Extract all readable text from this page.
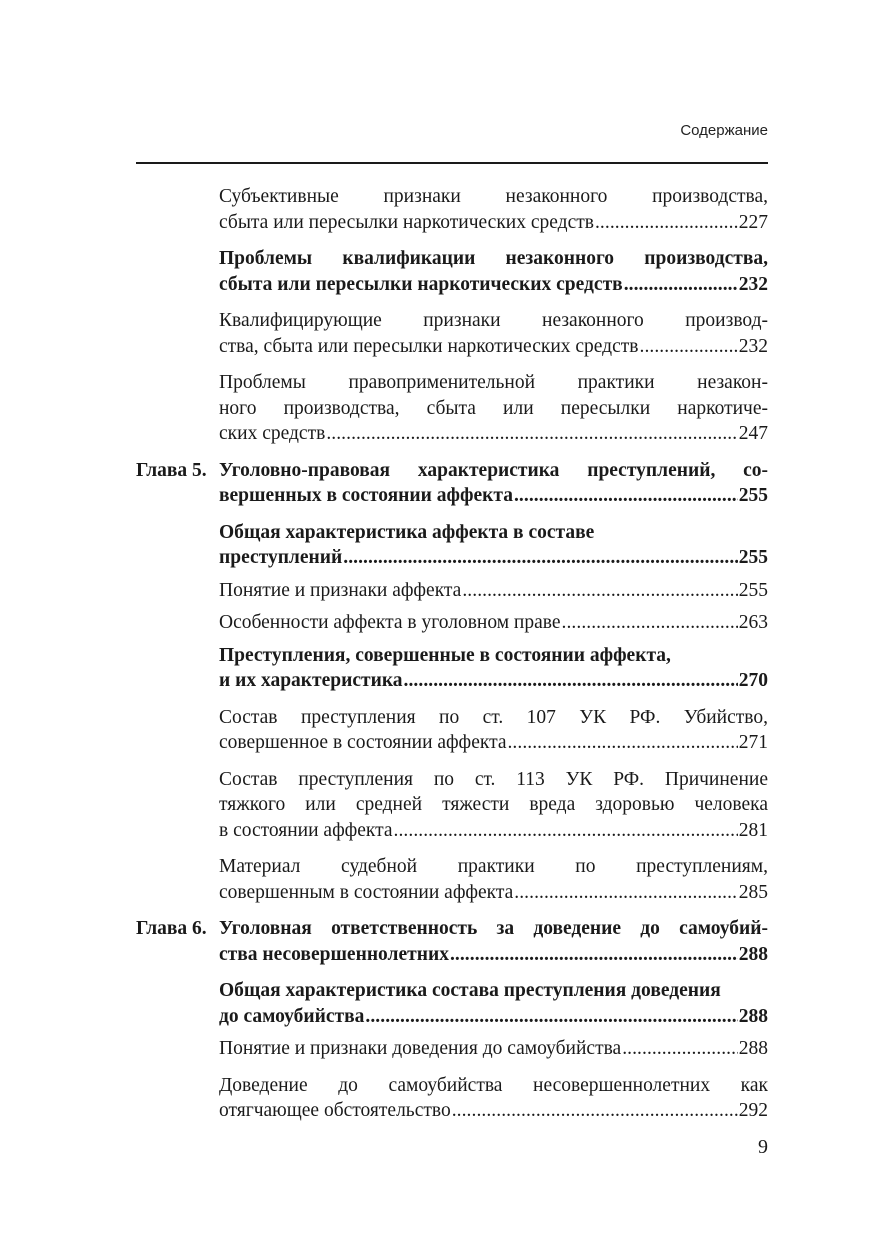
Содержание
Субъективные признаки незаконного производства,
сбыта или пересылки наркотических средств . . .	227
Проблемы квалификации незаконного производства,
сбыта или пересылки наркотических средств . . .	232
Квалифицирующие признаки незаконного производ-
ства, сбыта или пересылки наркотических средств . . .	232
Проблемы правоприменительной практики незакон-
ного производства, сбыта или пересылки наркотиче-
ских средств . . .	247
Глава 5. Уголовно-правовая характеристика преступлений, со-
вершенных в состоянии аффекта . . .	255
Общая характеристика аффекта в составе
преступлений . . .	255
Понятие и признаки аффекта . . .	255
Особенности аффекта в уголовном праве . . .	263
Преступления, совершенные в состоянии аффекта,
и их характеристика . . .	270
Состав преступления по ст. 107 УК РФ. Убийство,
совершенное в состоянии аффекта . . .	271
Состав преступления по ст. 113 УК РФ. Причинение
тяжкого или средней тяжести вреда здоровью человека
в состоянии аффекта . . .	281
Материал судебной практики по преступлениям,
совершенным в состоянии аффекта . . .	285
Глава 6. Уголовная ответственность за доведение до самоубий-
ства несовершеннолетних . . .	288
Общая характеристика состава преступления доведения
до самоубийства . . .	288
Понятие и признаки доведения до самоубийства . . .	288
Доведение до самоубийства несовершеннолетних как
отягчающее обстоятельство . . .	292
9
